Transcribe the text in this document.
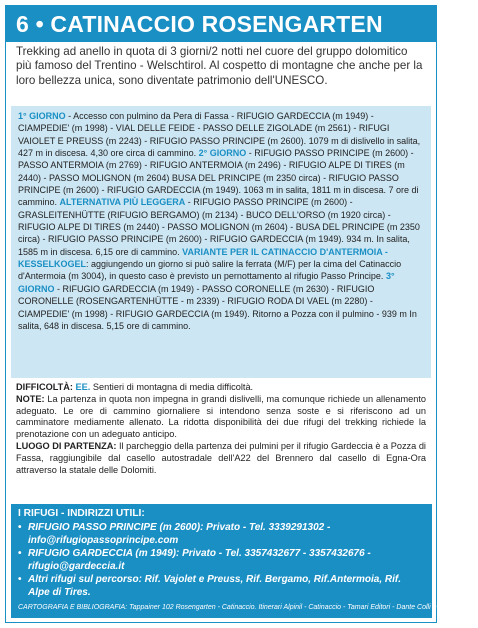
6 • CATINACCIO ROSENGARTEN
Trekking ad anello in quota di 3 giorni/2 notti nel cuore del gruppo dolomitico più famoso del Trentino - Welschtirol. Al cospetto di montagne che anche per la loro bellezza unica, sono diventate patrimonio dell'UNESCO.
1° GIORNO - Accesso con pulmino da Pera di Fassa - RIFUGIO GARDECCIA (m 1949) - CIAMPEDIE' (m 1998) - VIAL DELLE FEIDE - PASSO DELLE ZIGOLADE (m 2561) - RIFUGI VAIOLET E PREUSS (m 2243) - RIFUGIO PASSO PRINCIPE (m 2600). 1079 m di dislivello in salita, 427 m in discesa. 4,30 ore circa di cammino. 2° GIORNO - RIFUGIO PASSO PRINCIPE (m 2600) - PASSO ANTERMOIA (m 2769) - RIFUGIO ANTERMOIA (m 2496) - RIFUGIO ALPE DI TIRES (m 2440) - PASSO MOLIGNON (m 2604) BUSA DEL PRINCIPE (m 2350 circa) - RIFUGIO PASSO PRINCIPE (m 2600) - RIFUGIO GARDECCIA (m 1949). 1063 m in salita, 1811 m in discesa. 7 ore di cammino. ALTERNATIVA PIÙ LEGGERA - RIFUGIO PASSO PRINCIPE (m 2600) - GRASLEITENHÜTTE (RIFUGIO BERGAMO) (m 2134) - BUCO DELL'ORSO (m 1920 circa) - RIFUGIO ALPE DI TIRES (m 2440) - PASSO MOLIGNON (m 2604) - BUSA DEL PRINCIPE (m 2350 circa) - RIFUGIO PASSO PRINCIPE (m 2600) - RIFUGIO GARDECCIA (m 1949). 934 m. In salita, 1585 m in discesa. 6,15 ore di cammino. VARIANTE PER IL CATINACCIO D'ANTERMOIA - KESSELKOGEL: aggiungendo un giorno si può salire la ferrata (M/F) per la cima del Catinaccio d'Antermoia (m 3004), in questo caso è previsto un pernottamento al rifugio Passo Principe. 3° GIORNO - RIFUGIO GARDECCIA (m 1949) - PASSO CORONELLE (m 2630) - RIFUGIO CORONELLE (ROSENGARTENHÜTTE - m 2339) - RIFUGIO RODA DI VAEL (m 2280) - CIAMPEDIE' (m 1998) - RIFUGIO GARDECCIA (m 1949). Ritorno a Pozza con il pulmino - 939 m In salita, 648 in discesa. 5,15 ore di cammino.

DIFFICOLTÀ: EE. Sentieri di montagna di media difficoltà.

NOTE: La partenza in quota non impegna in grandi dislivelli, ma comunque richiede un allenamento adeguato. Le ore di cammino giornaliere si intendono senza soste e si riferiscono ad un camminatore mediamente allenato. La ridotta disponibilità dei due rifugi del trekking richiede la prenotazione con un adeguato anticipo.

LUOGO DI PARTENZA: Il parcheggio della partenza dei pulmini per il rifugio Gardeccia è a Pozza di Fassa, raggiungibile dal casello autostradale dell'A22 del Brennero dal casello di Egna-Ora attraverso la statale delle Dolomiti.

I RIFUGI - INDIRIZZI UTILI:
• RIFUGIO PASSO PRINCIPE (m 2600): Privato - Tel. 3339291302 - info@rifugiopassoprincipe.com
• RIFUGIO GARDECCIA (m 1949): Privato - Tel. 3357432677 - 3357432676 - rifugio@gardeccia.it
• Altri rifugi sul percorso: Rif. Vajolet e Preuss, Rif. Bergamo, Rif.Antermoia, Rif. Alpe di Tires.
CARTOGRAFIA E BIBLIOGRAFIA: Tappainer 102 Rosengarten - Catinaccio. Itinerari Alpinil - Catinaccio - Tamari Editori - Dante Colli e Gino Battisti.
